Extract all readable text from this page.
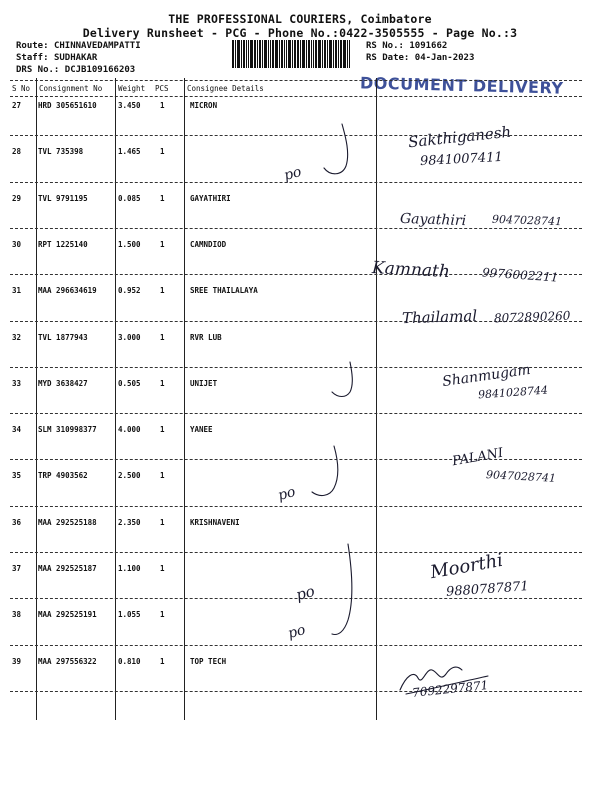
THE PROFESSIONAL COURIERS, Coimbatore
Delivery Runsheet - PCG - Phone No.:0422-3505555 - Page No.:3
Route: CHINNAVEDAMPATTI
Staff: SUDHAKAR
DRS No.: DCJB109166203
RS No.: 1091662
RS Date: 04-Jan-2023
DOCUMENT DELIVERY
S No Consignment No Weight PCS Consignee Details
27 HRD 305651610	3.450	1	MICRON
28 TVL 735398	1.465	1
29 TVL 9791195	0.085	1	GAYATHIRI
30 RPT 1225140	1.500	1	CAMNDIOD
31 MAA 296634619	0.952	1	SREE THAILALAYA
32 TVL 1877943	3.000	1	RVR LUB
33 MYD 3638427	0.505	1	UNIJET
34 SLM 310998377	4.000	1	YANEE
35 TRP 4903562	2.500	1
36 MAA 292525188	2.350	1	KRISHNAVENI
37 MAA 292525187	1.100	1
38 MAA 292525191	1.055	1
39 MAA 297556322	0.810	1	TOP TECH
Sakthiganesh
9841007411
Gayathiri 9047028741
Kamnath	9976002211
Thailamal 8072890260
Shanmugam
9841028744
PALANI
9047028741
Moorthi
9880787871
7092297871
po
po
po
po
